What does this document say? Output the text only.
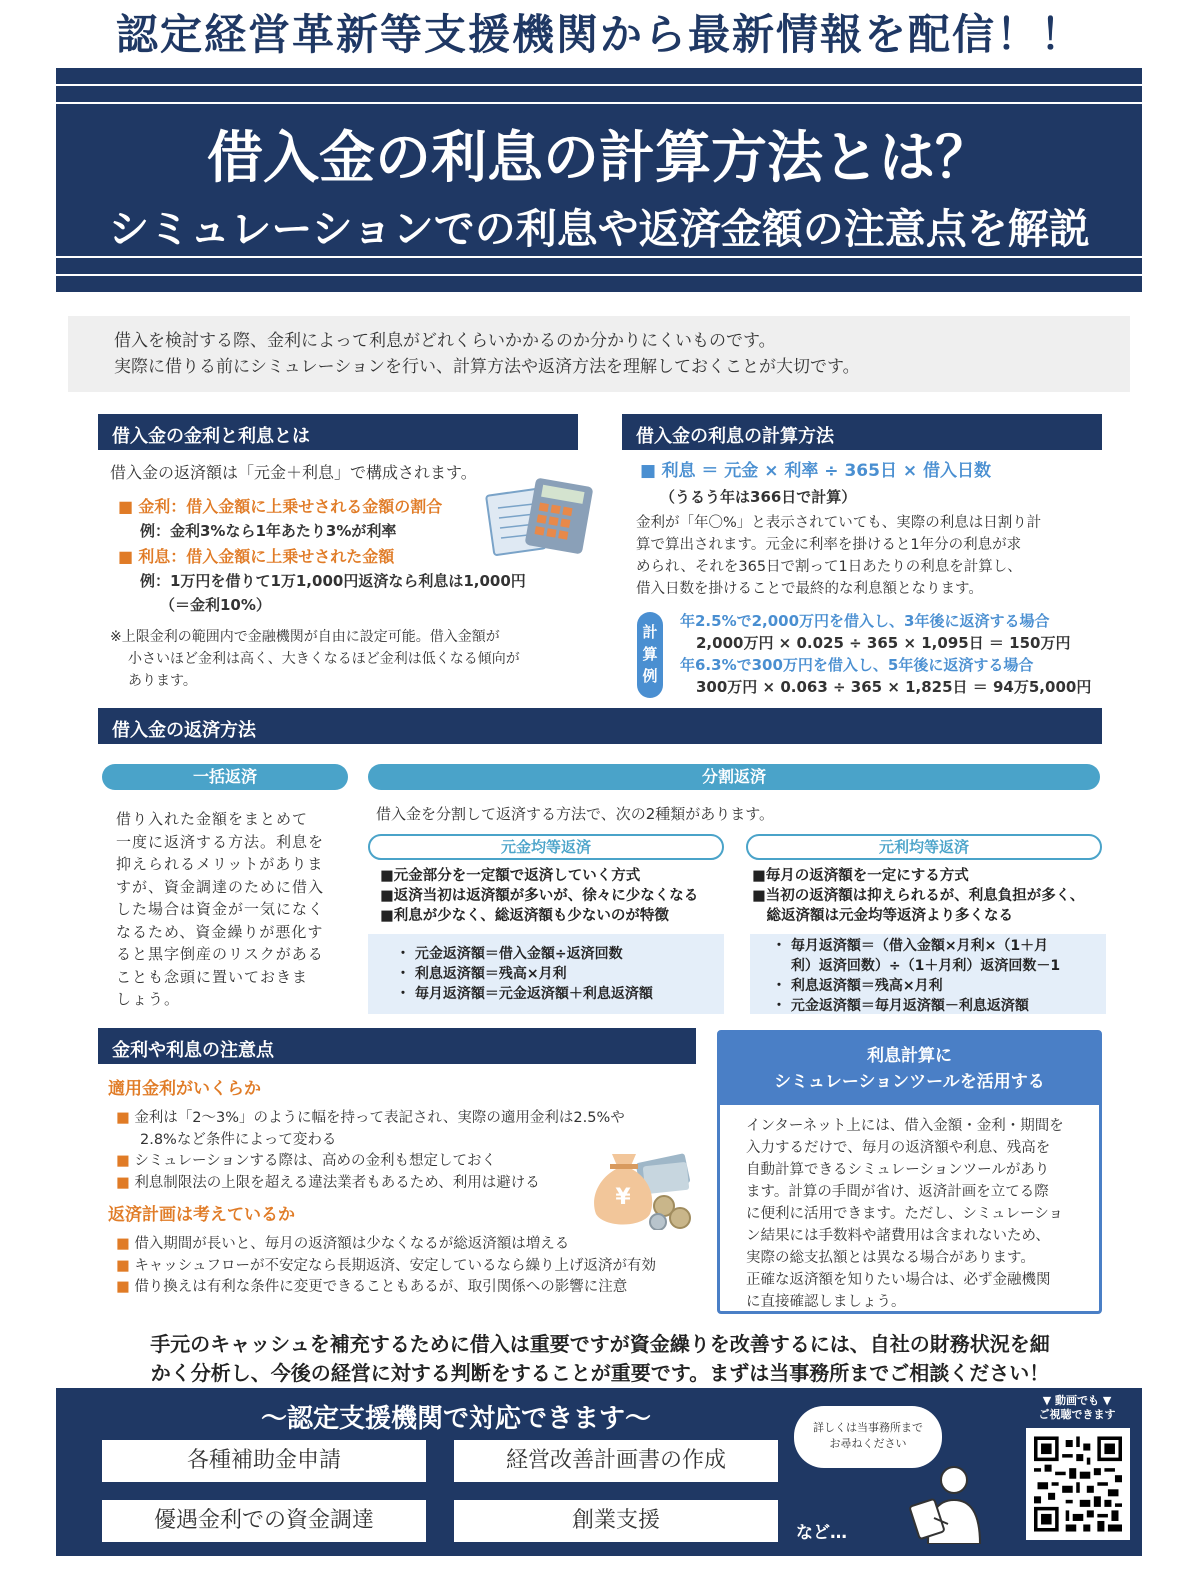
認定経営革新等支援機関から最新情報を配信！！
借入金の利息の計算方法とは？
シミュレーションでの利息や返済金額の注意点を解説
借入を検討する際、金利によって利息がどれくらいかかるのか分かりにくいものです。
実際に借りる前にシミュレーションを行い、計算方法や返済方法を理解しておくことが大切です。
借入金の金利と利息とは
借入金の返済額は「元金＋利息」で構成されます。
■ 金利：借入金額に上乗せされる金額の割合
例：金利3%なら1年あたり3%が利率
■ 利息：借入金額に上乗せされた金額
例：1万円を借りて1万1,000円返済なら利息は1,000円
（＝金利10%）
※上限金利の範囲内で金融機関が自由に設定可能。借入金額が
小さいほど金利は高く、大きくなるほど金利は低くなる傾向が
あります。
借入金の利息の計算方法
■ 利息 ＝ 元金 × 利率 ÷ 365日 × 借入日数
（うるう年は366日で計算）
金利が「年〇%」と表示されていても、実際の利息は日割り計
算で算出されます。元金に利率を掛けると1年分の利息が求
められ、それを365日で割って1日あたりの利息を計算し、
借入日数を掛けることで最終的な利息額となります。
計算例
年2.5%で2,000万円を借入し、3年後に返済する場合
2,000万円 × 0.025 ÷ 365 × 1,095日 ＝ 150万円
年6.3%で300万円を借入し、5年後に返済する場合
300万円 × 0.063 ÷ 365 × 1,825日 ＝ 94万5,000円
借入金の返済方法
一括返済
借り入れた金額をまとめて
一度に返済する方法。利息を
抑えられるメリットがありま
すが、資金調達のために借入
した場合は資金が一気になく
なるため、資金繰りが悪化す
ると黒字倒産のリスクがある
ことも念頭に置いておきま
しょう。
分割返済
借入金を分割して返済する方法で、次の2種類があります。
元金均等返済
■元金部分を一定額で返済していく方式
■返済当初は返済額が多いが、徐々に少なくなる
■利息が少なく、総返済額も少ないのが特徴
・ 元金返済額＝借入金額÷返済回数
・ 利息返済額＝残高×月利
・ 毎月返済額＝元金返済額＋利息返済額
元利均等返済
■毎月の返済額を一定にする方式
■当初の返済額は抑えられるが、利息負担が多く、
　総返済額は元金均等返済より多くなる
・ 毎月返済額＝（借入金額×月利×（1＋月
　 利）返済回数）÷（1＋月利）返済回数－1
・ 利息返済額＝残高×月利
・ 元金返済額＝毎月返済額－利息返済額
金利や利息の注意点
適用金利がいくらか
■ 金利は「2～3%」のように幅を持って表記され、実際の適用金利は2.5%や
2.8%など条件によって変わる
■ シミュレーションする際は、高めの金利も想定しておく
■ 利息制限法の上限を超える違法業者もあるため、利用は避ける
返済計画は考えているか
■ 借入期間が長いと、毎月の返済額は少なくなるが総返済額は増える
■ キャッシュフローが不安定なら長期返済、安定しているなら繰り上げ返済が有効
■ 借り換えは有利な条件に変更できることもあるが、取引関係への影響に注意
¥
利息計算に
シミュレーションツールを活用する
インターネット上には、借入金額・金利・期間を
入力するだけで、毎月の返済額や利息、残高を
自動計算できるシミュレーションツールがあり
ます。計算の手間が省け、返済計画を立てる際
に便利に活用できます。ただし、シミュレーショ
ン結果には手数料や諸費用は含まれないため、
実際の総支払額とは異なる場合があります。
正確な返済額を知りたい場合は、必ず金融機関
に直接確認しましょう。
手元のキャッシュを補充するために借入は重要ですが資金繰りを改善するには、自社の財務状況を細
かく分析し、今後の経営に対する判断をすることが重要です。まずは当事務所までご相談ください！
～認定支援機関で対応できます～
各種補助金申請	経営改善計画書の作成
優遇金利での資金調達	創業支援
詳しくは当事務所まで
お尋ねください
など…
▼ 動画でも ▼
ご視聴できます
